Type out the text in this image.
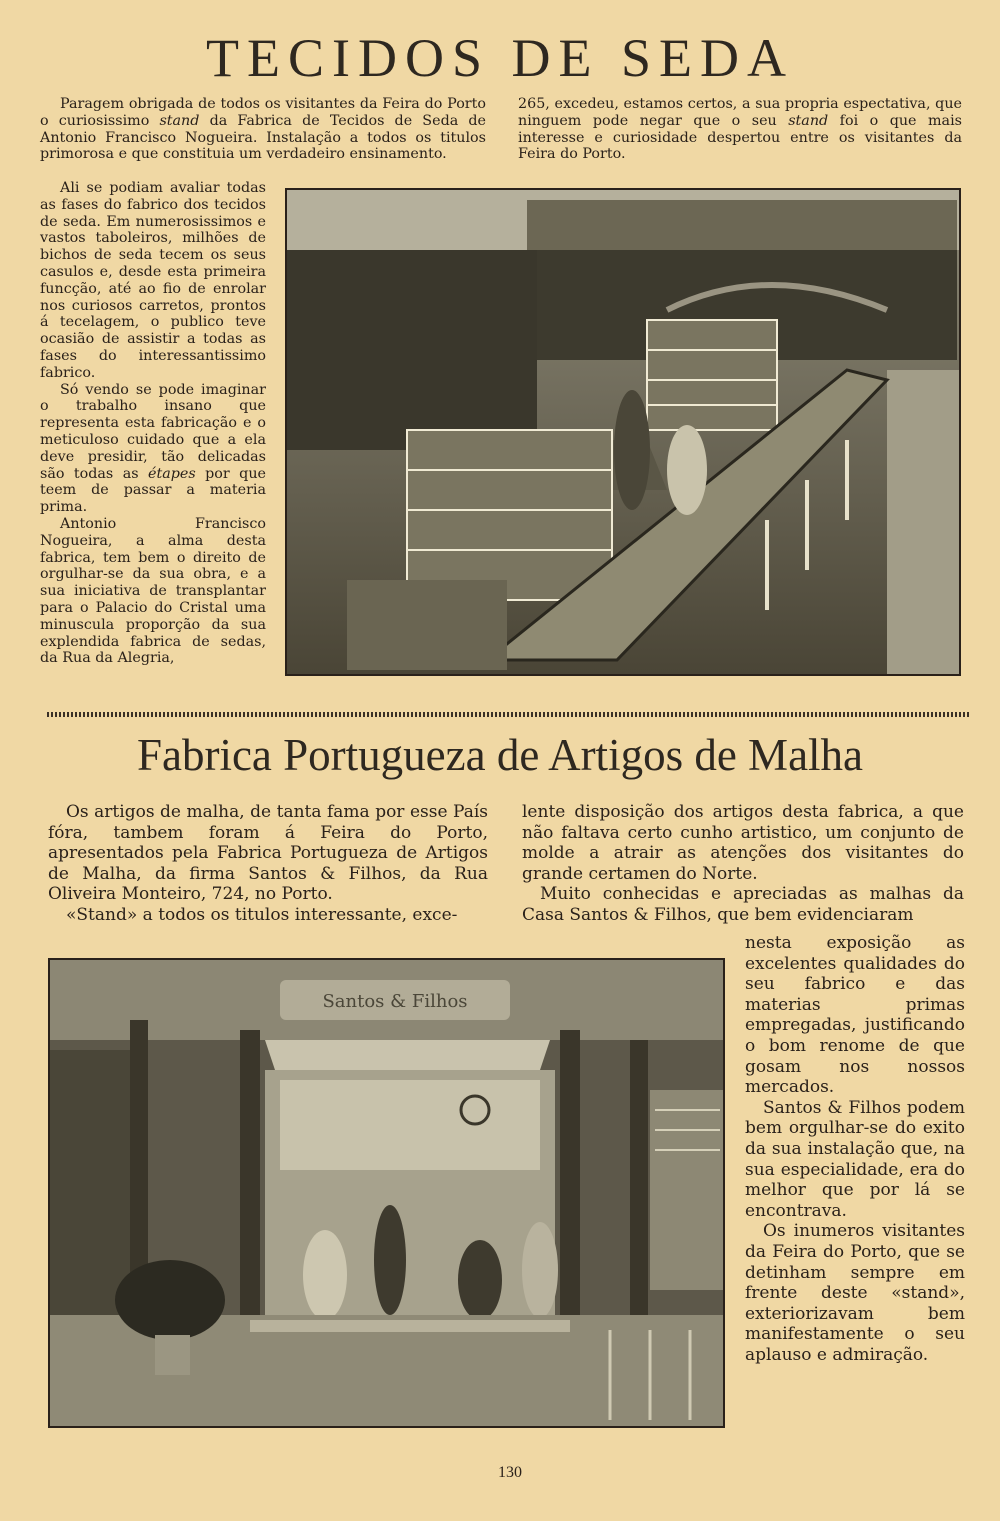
TECIDOS DE SEDA

Paragem obrigada de todos os visitantes da Feira do Porto o curiosissimo stand da Fabrica de Tecidos de Seda de Antonio Francisco Nogueira. Instalação a todos os titulos primorosa e que constituia um verdadeiro ensinamento.

265, excedeu, estamos certos, a sua propria espectativa, que ninguem pode negar que o seu stand foi o que mais interesse e curiosidade despertou entre os visitantes da Feira do Porto.

Ali se podiam avaliar todas as fases do fabrico dos tecidos de seda. Em numerosissimos e vastos taboleiros, milhões de bichos de seda tecem os seus casulos e, desde esta primeira funcção, até ao fio de enrolar nos curiosos carretos, prontos á tecelagem, o publico teve ocasião de assistir a todas as fases do interessantissimo fabrico.

Só vendo se pode imaginar o trabalho insano que representa esta fabricação e o meticuloso cuidado que a ela deve presidir, tão delicadas são todas as étapes por que teem de passar a materia prima.

Antonio Francisco Nogueira, a alma desta fabrica, tem bem o direito de orgulhar-se da sua obra, e a sua iniciativa de transplantar para o Palacio do Cristal uma minuscula proporção da sua explendida fabrica de sedas, da Rua da Alegria,

Fabrica Portugueza de Artigos de Malha

Os artigos de malha, de tanta fama por esse País fóra, tambem foram á Feira do Porto, apresentados pela Fabrica Portugueza de Artigos de Malha, da firma Santos & Filhos, da Rua Oliveira Monteiro, 724, no Porto.

«Stand» a todos os titulos interessante, exce-

lente disposição dos artigos desta fabrica, a que não faltava certo cunho artistico, um conjunto de molde a atrair as atenções dos visitantes do grande certamen do Norte.

Muito conhecidas e apreciadas as malhas da Casa Santos & Filhos, que bem evidenciaram

nesta exposição as excelentes qualidades do seu fabrico e das materias primas empregadas, justificando o bom renome de que gosam nos nossos mercados.

Santos & Filhos podem bem orgulhar-se do exito da sua instalação que, na sua especialidade, era do melhor que por lá se encontrava.

Os inumeros visitantes da Feira do Porto, que se detinham sempre em frente deste «stand», exteriorizavam bem manifestamente o seu aplauso e admiração.

Santos & Filhos
130
